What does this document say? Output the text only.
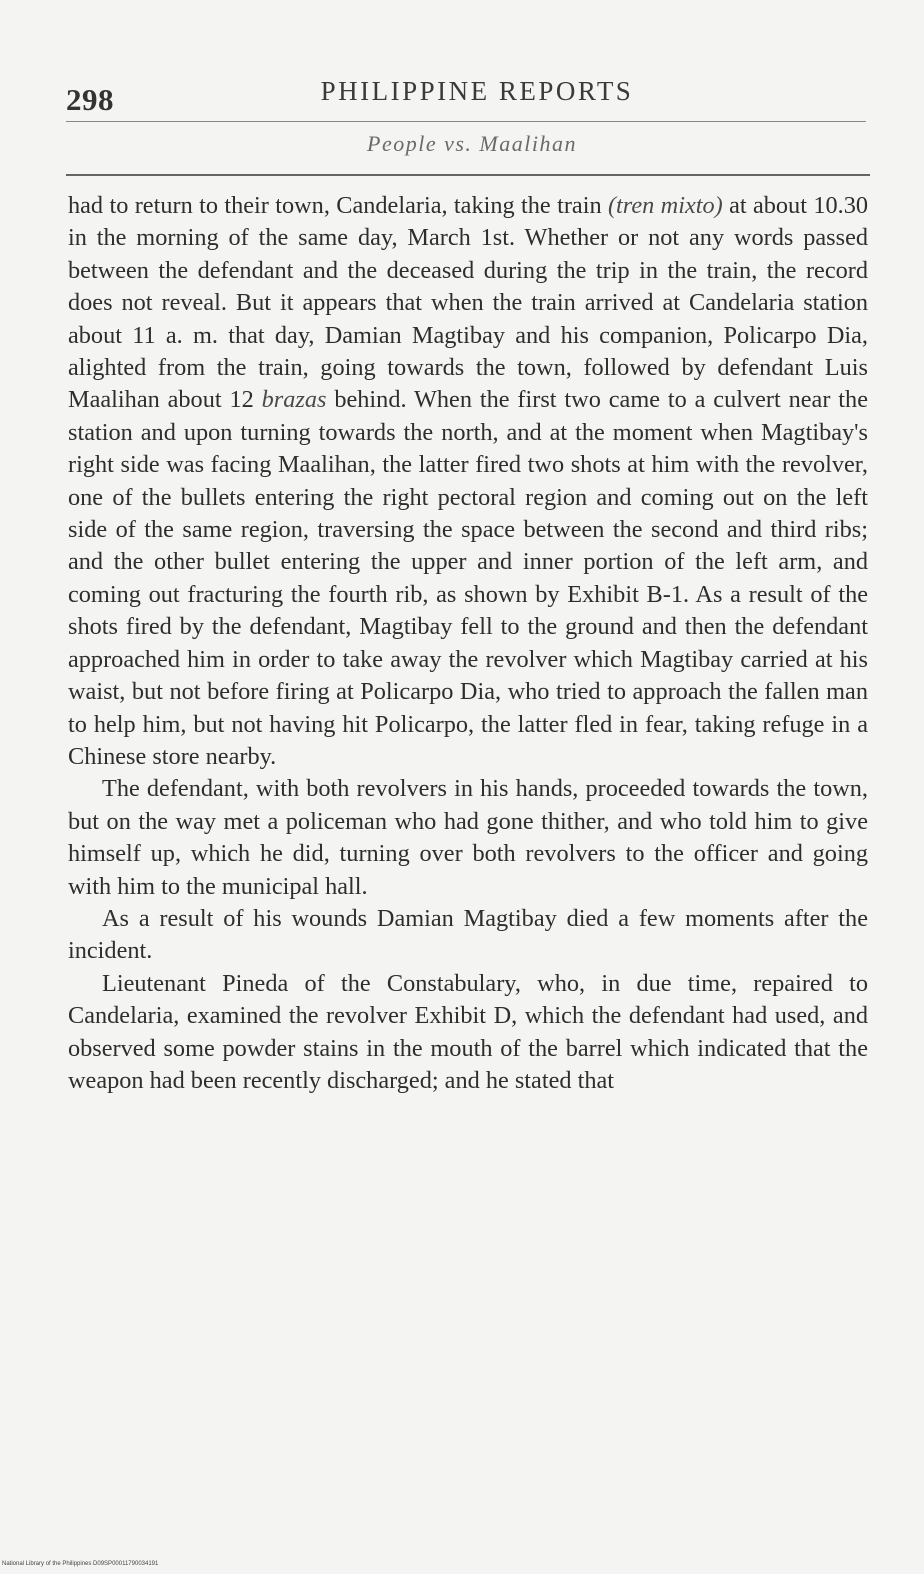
298	PHILIPPINE REPORTS
People vs. Maalihan

had to return to their town, Candelaria, taking the train (tren mixto) at about 10.30 in the morning of the same day, March 1st. Whether or not any words passed between the defendant and the deceased during the trip in the train, the record does not reveal. But it appears that when the train arrived at Candelaria station about 11 a. m. that day, Damian Magtibay and his companion, Policarpo Dia, alighted from the train, going towards the town, followed by defendant Luis Maalihan about 12 brazas behind. When the first two came to a culvert near the station and upon turning towards the north, and at the moment when Magtibay's right side was facing Maalihan, the latter fired two shots at him with the revolver, one of the bullets entering the right pectoral region and coming out on the left side of the same region, traversing the space between the second and third ribs; and the other bullet entering the upper and inner portion of the left arm, and coming out fracturing the fourth rib, as shown by Exhibit B-1. As a result of the shots fired by the defendant, Magtibay fell to the ground and then the defendant approached him in order to take away the revolver which Magtibay carried at his waist, but not before firing at Policarpo Dia, who tried to approach the fallen man to help him, but not having hit Policarpo, the latter fled in fear, taking refuge in a Chinese store nearby.

The defendant, with both revolvers in his hands, proceeded towards the town, but on the way met a policeman who had gone thither, and who told him to give himself up, which he did, turning over both revolvers to the officer and going with him to the municipal hall.

As a result of his wounds Damian Magtibay died a few moments after the incident.

Lieutenant Pineda of the Constabulary, who, in due time, repaired to Candelaria, examined the revolver Exhibit D, which the defendant had used, and observed some powder stains in the mouth of the barrel which indicated that the weapon had been recently discharged; and he stated that

National Library of the Philippines D09SP00011790034191
